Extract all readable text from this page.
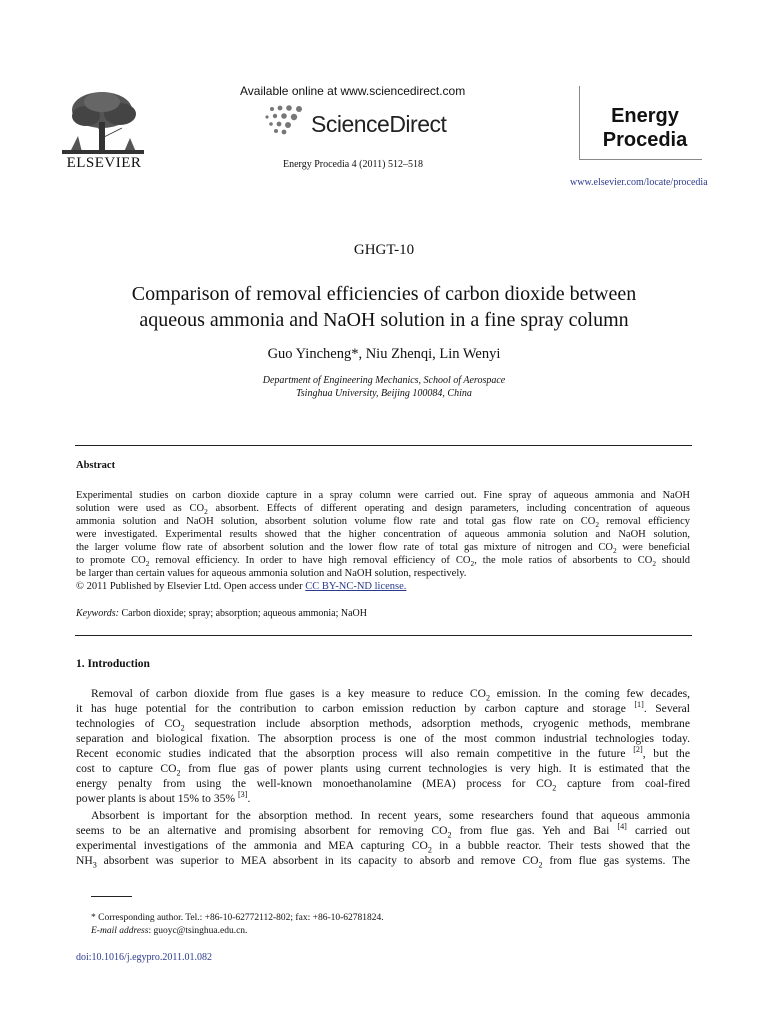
ELSEVIER
Available online at www.sciencedirect.com
ScienceDirect
Energy Procedia 4 (2011) 512–518
Energy
Procedia
www.elsevier.com/locate/procedia
GHGT-10
Comparison of removal efficiencies of carbon dioxide between
aqueous ammonia and NaOH solution in a fine spray column
Guo Yincheng*, Niu Zhenqi, Lin Wenyi
Department of Engineering Mechanics, School of Aerospace
Tsinghua University, Beijing 100084, China
Abstract
Experimental studies on carbon dioxide capture in a spray column were carried out. Fine spray of aqueous ammonia and NaOH
solution were used as $CO_2$ absorbent. Effects of different operating and design parameters, including concentration of aqueous
ammonia solution and NaOH solution, absorbent solution volume flow rate and total gas flow rate on $CO_2$ removal efficiency
were investigated. Experimental results showed that the higher concentration of aqueous ammonia solution and NaOH solution,
the larger volume flow rate of absorbent solution and the lower flow rate of total gas mixture of nitrogen and $CO_2$ were beneficial
to promote $CO_2$ removal efficiency. In order to have high removal efficiency of $CO_2$, the mole ratios of absorbents to $CO_2$ should
be larger than certain values for aqueous ammonia solution and NaOH solution, respectively.
© 2011 Published by Elsevier Ltd. Open access under CC BY-NC-ND license.
Keywords: Carbon dioxide; spray; absorption; aqueous ammonia; NaOH
1. Introduction
Removal of carbon dioxide from flue gases is a key measure to reduce $CO_2$ emission. In the coming few decades,
it has huge potential for the contribution to carbon emission reduction by carbon capture and storage [1]. Several
technologies of $CO_2$ sequestration include absorption methods, adsorption methods, cryogenic methods, membrane
separation and biological fixation. The absorption process is one of the most common industrial technologies today.
Recent economic studies indicated that the absorption process will also remain competitive in the future [2], but the
cost to capture $CO_2$ from flue gas of power plants using current technologies is very high. It is estimated that the
energy penalty from using the well-known monoethanolamine (MEA) process for $CO_2$ capture from coal-fired
power plants is about 15% to 35% [3].
Absorbent is important for the absorption method. In recent years, some researchers found that aqueous ammonia
seems to be an alternative and promising absorbent for removing $CO_2$ from flue gas. Yeh and Bai [4] carried out
experimental investigations of the ammonia and MEA capturing $CO_2$ in a bubble reactor. Their tests showed that the
$NH_3$ absorbent was superior to MEA absorbent in its capacity to absorb and remove $CO_2$ from flue gas systems. The
* Corresponding author. Tel.: +86-10-62772112-802; fax: +86-10-62781824.
E-mail address: guoyc@tsinghua.edu.cn.
doi:10.1016/j.egypro.2011.01.082
